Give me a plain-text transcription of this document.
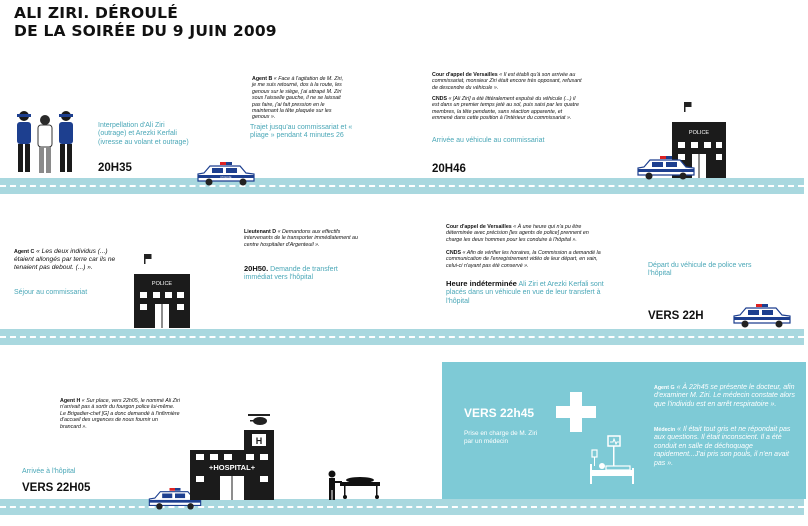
ALI ZIRI. DÉROULÉ
DE LA SOIRÉE DU 9 JUIN 2009
Interpellation d'Ali Ziri (outrage) et Arezki Kerfali (ivresse au volant et outrage)
20H35
POLICE
Agent B « Face à l'agitation de M. Ziri, je me suis retourné, dos à la route, les genoux sur le siège, j'ai attrapé M. Ziri sous l'aisselle gauche, il ne se laissait pas faire, j'ai fait pression en le maintenant la tête plaquée sur les genoux ».
Trajet jusqu'au commissariat et « pliage » pendant 4 minutes 26
Cour d'appel de Versailles « Il est établi qu'à son arrivée au commissariat, monsieur Ziri était encore très opposant, refusant de descendre du véhicule ».
CNDS « [Ali Ziri] a été littéralement expulsé du véhicule (...) il est dans un premier temps jeté au sol, puis saisi par les quatre membres, la tête pendante, sans réaction apparente, et emmené dans cette position à l'intérieur du commissariat ».
Arrivée au véhicule au commissariat
20H46
POLICE
Agent C « Les deux individus (...) étaient allongés par terre car ils ne tenaient pas debout. (...) ».
Séjour au commissariat
POLICE
Lieutenant D « Demandons aux effectifs intervenants de le transporter immédiatement au centre hospitalier d'Argenteuil ».
20H50. Demande de transfert immédiat vers l'hôpital
Cour d'appel de Versailles « À une heure qui n'a pu être déterminée avec précision [les agents de police] prennent en charge les deux hommes pour les conduire à l'hôpital ».
CNDS « Afin de vérifier les horaires, la Commission a demandé la communication de l'enregistrement vidéo de leur départ, en vain, celui-ci n'ayant pas été conservé ».
Heure indéterminée Ali Ziri et Arezki Kerfali sont placés dans un véhicule en vue de leur transfert à l'hôpital
Départ du véhicule de police vers l'hôpital
VERS 22H
Agent H « Sur place, vers 22h05, le nommé Ali Ziri n'arrivait pas à sortir du fourgon police lui-même. Le Brigadier-chef [G] a donc demandé à l'infirmière d'accueil des urgences de nous fournir un brancard ».
Arrivée à l'hôpital
VERS 22H05
H
+HOSPITAL+
VERS 22h45
Prise en charge de M. Ziri par un médecin
Agent G « À 22h45 se présente le docteur, afin d'examiner M. Ziri. Le médecin constate alors que l'individu est en arrêt respiratoire ».
Médecin « Il était tout gris et ne répondait pas aux questions. Il était inconscient. Il a été conduit en salle de déchoquage rapidement...J'ai pris son pouls, il n'en avait pas ».
